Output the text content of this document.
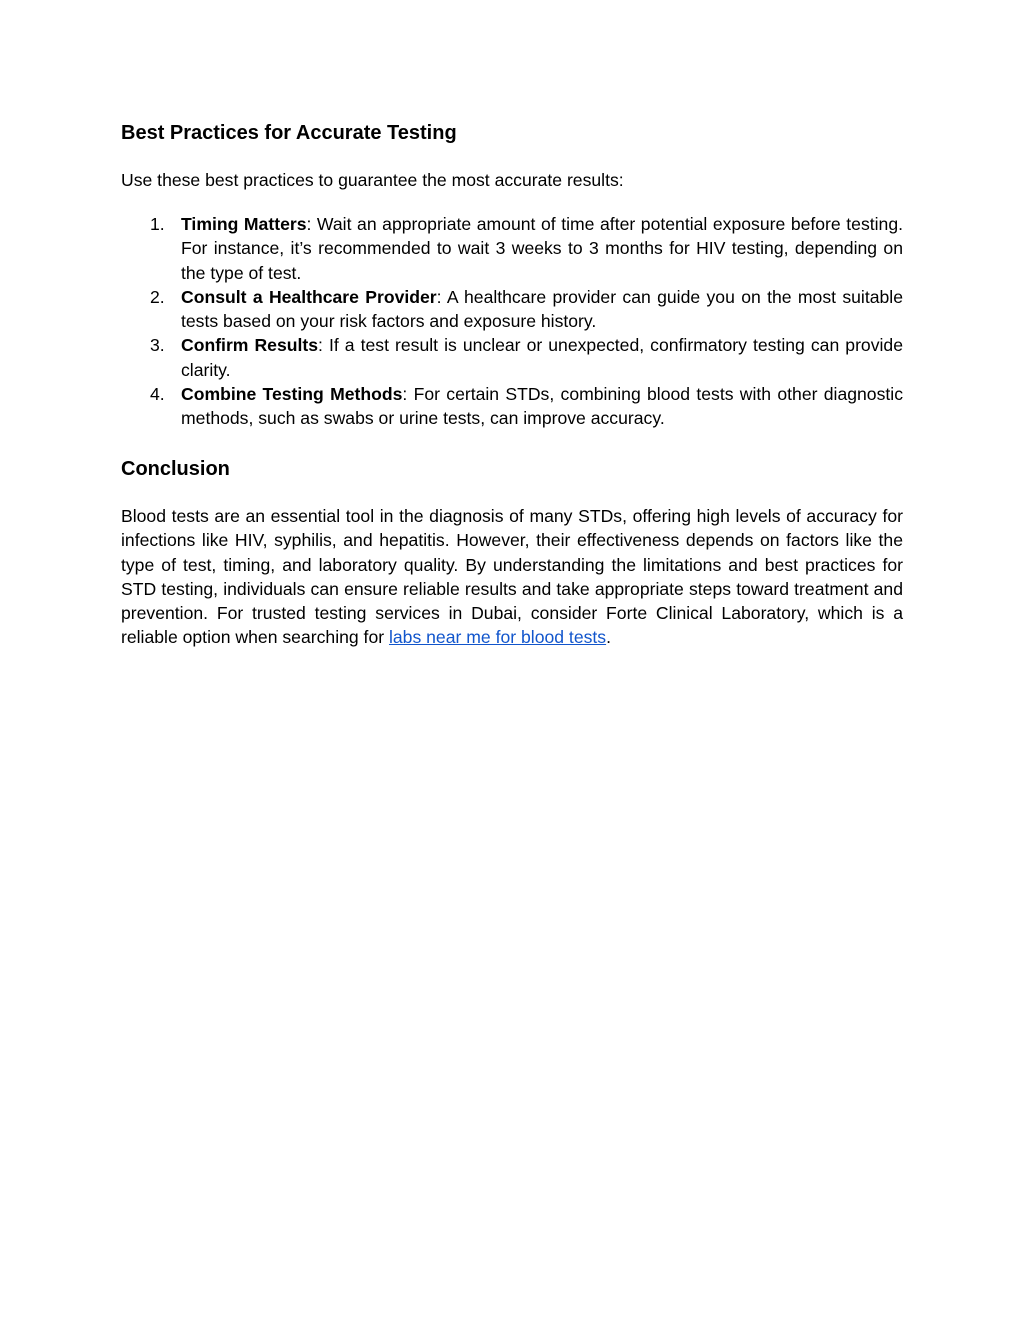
Best Practices for Accurate Testing

Use these best practices to guarantee the most accurate results:

1. Timing Matters: Wait an appropriate amount of time after potential exposure before testing. For instance, it’s recommended to wait 3 weeks to 3 months for HIV testing, depending on the type of test.
2. Consult a Healthcare Provider: A healthcare provider can guide you on the most suitable tests based on your risk factors and exposure history.
3. Confirm Results: If a test result is unclear or unexpected, confirmatory testing can provide clarity.
4. Combine Testing Methods: For certain STDs, combining blood tests with other diagnostic methods, such as swabs or urine tests, can improve accuracy.
Conclusion

Blood tests are an essential tool in the diagnosis of many STDs, offering high levels of accuracy for infections like HIV, syphilis, and hepatitis. However, their effectiveness depends on factors like the type of test, timing, and laboratory quality. By understanding the limitations and best practices for STD testing, individuals can ensure reliable results and take appropriate steps toward treatment and prevention. For trusted testing services in Dubai, consider Forte Clinical Laboratory, which is a reliable option when searching for labs near me for blood tests.
